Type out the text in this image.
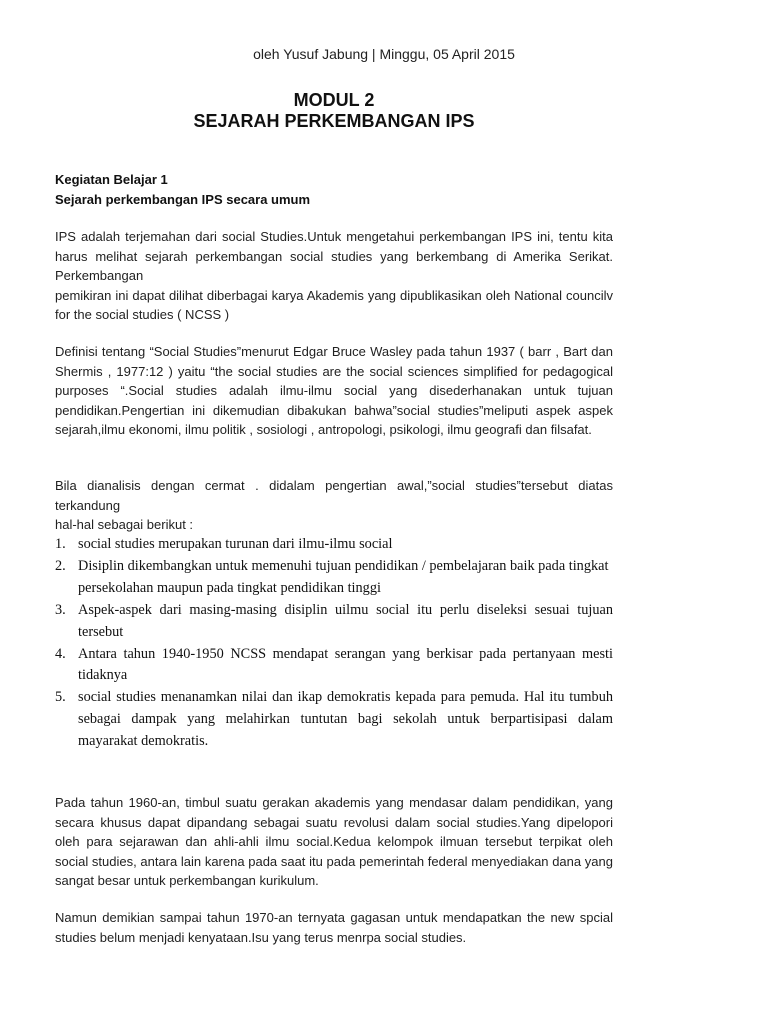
oleh Yusuf Jabung | Minggu, 05 April 2015
MODUL 2
SEJARAH PERKEMBANGAN IPS
Kegiatan Belajar 1
Sejarah perkembangan IPS secara umum
IPS adalah terjemahan dari social Studies.Untuk mengetahui perkembangan IPS ini, tentu kita harus melihat sejarah perkembangan social studies yang berkembang di Amerika Serikat. Perkembangan
pemikiran ini dapat dilihat diberbagai karya Akademis yang dipublikasikan oleh National councilv for the social studies ( NCSS )
Definisi tentang “Social Studies”menurut Edgar Bruce Wasley pada tahun 1937 ( barr , Bart dan Shermis , 1977:12 ) yaitu “the social studies are the social sciences simplified for pedagogical purposes “.Social studies adalah ilmu-ilmu social yang disederhanakan untuk tujuan pendidikan.Pengertian ini dikemudian dibakukan bahwa”social studies”meliputi aspek aspek sejarah,ilmu ekonomi, ilmu politik , sosiologi , antropologi, psikologi, ilmu geografi dan filsafat.
Bila dianalisis dengan cermat . didalam pengertian awal,”social studies”tersebut diatas terkandung
hal-hal sebagai berikut :
1. social studies merupakan turunan dari ilmu-ilmu social
2. Disiplin dikembangkan untuk memenuhi tujuan pendidikan / pembelajaran baik pada tingkat
persekolahan maupun pada tingkat pendidikan tinggi
3. Aspek-aspek dari masing-masing disiplin uilmu social itu perlu diseleksi sesuai tujuan tersebut
4. Antara tahun 1940-1950 NCSS mendapat serangan yang berkisar pada pertanyaan mesti tidaknya
5. social studies menanamkan nilai dan ikap demokratis kepada para pemuda. Hal itu tumbuh sebagai dampak yang melahirkan tuntutan bagi sekolah untuk berpartisipasi dalam mayarakat demokratis.
Pada tahun 1960-an, timbul suatu gerakan akademis yang mendasar dalam pendidikan, yang secara khusus dapat dipandang sebagai suatu revolusi dalam social studies.Yang dipelopori oleh para sejarawan dan ahli-ahli ilmu social.Kedua kelompok ilmuan tersebut terpikat oleh social studies, antara lain karena pada saat itu pada pemerintah federal menyediakan dana yang sangat besar untuk perkembangan kurikulum.
Namun demikian sampai tahun 1970-an ternyata gagasan untuk mendapatkan the new spcial studies belum menjadi kenyataan.Isu yang terus menrpa social studies.
